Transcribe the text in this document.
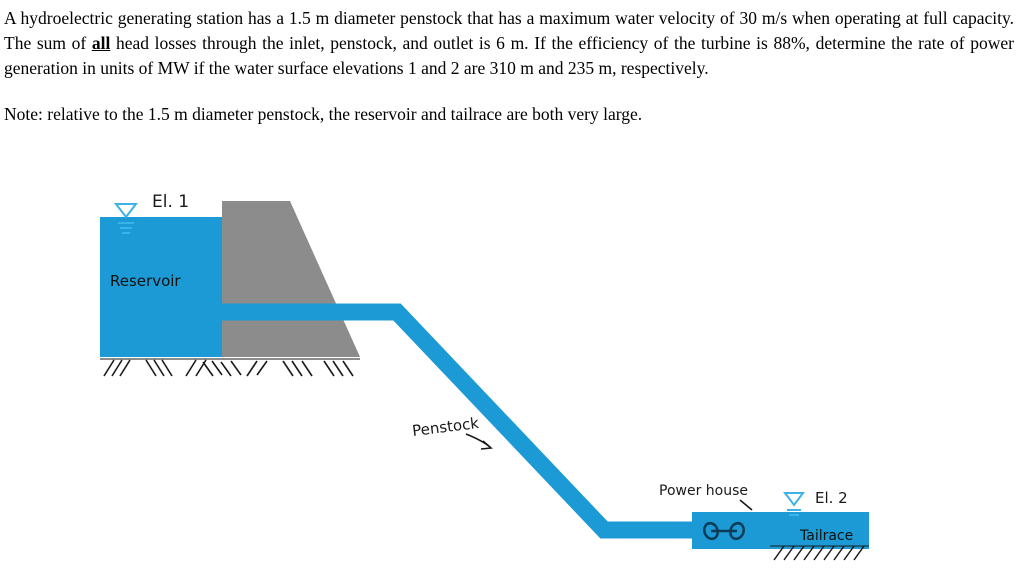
A hydroelectric generating station has a 1.5 m diameter penstock that has a maximum water velocity of 30 m/s when operating at full capacity. The sum of all head losses through the inlet, penstock, and outlet is 6 m. If the efficiency of the turbine is 88%, determine the rate of power generation in units of MW if the water surface elevations 1 and 2 are 310 m and 235 m, respectively.

Note: relative to the 1.5 m diameter penstock, the reservoir and tailrace are both very large.

El. 1
Reservoir
Penstock
Power house	El. 2
Tailrace
